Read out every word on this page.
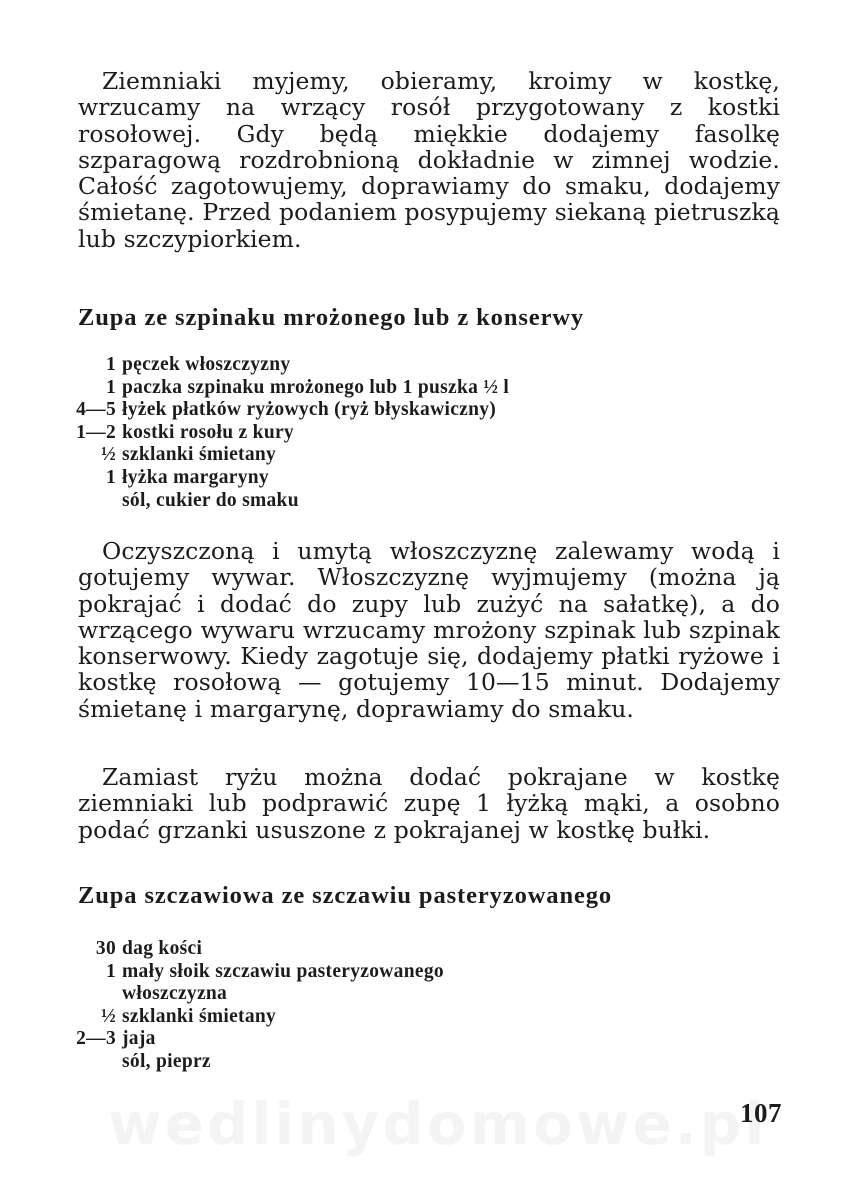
Ziemniaki myjemy, obieramy, kroimy w kostkę, wrzucamy na wrzący rosół przygotowany z kostki rosołowej. Gdy będą miękkie dodajemy fasolkę szparagową rozdrobnioną dokładnie w zimnej wodzie. Całość zagotowujemy, doprawiamy do smaku, dodajemy śmietanę. Przed podaniem posypujemy siekaną pietruszką lub szczypiorkiem.

Zupa ze szpinaku mrożonego lub z konserwy
1 pęczek włoszczyzny
1 paczka szpinaku mrożonego lub 1 puszka ½ l
4—5 łyżek płatków ryżowych (ryż błyskawiczny)
1—2 kostki rosołu z kury
½ szklanki śmietany
1 łyżka margaryny
sól, cukier do smaku

Oczyszczoną i umytą włoszczyznę zalewamy wodą i gotujemy wywar. Włoszczyznę wyjmujemy (można ją pokrajać i dodać do zupy lub zużyć na sałatkę), a do wrzącego wywaru wrzucamy mrożony szpinak lub szpinak konserwowy. Kiedy zagotuje się, dodajemy płatki ryżowe i kostkę rosołową — gotujemy 10—15 minut. Dodajemy śmietanę i margarynę, doprawiamy do smaku.

Zamiast ryżu można dodać pokrajane w kostkę ziemniaki lub podprawić zupę 1 łyżką mąki, a osobno podać grzanki ususzone z pokrajanej w kostkę bułki.

Zupa szczawiowa ze szczawiu pasteryzowanego
30 dag kości
1 mały słoik szczawiu pasteryzowanego
włoszczyzna
½ szklanki śmietany
2—3 jaja
sól, pieprz

107
